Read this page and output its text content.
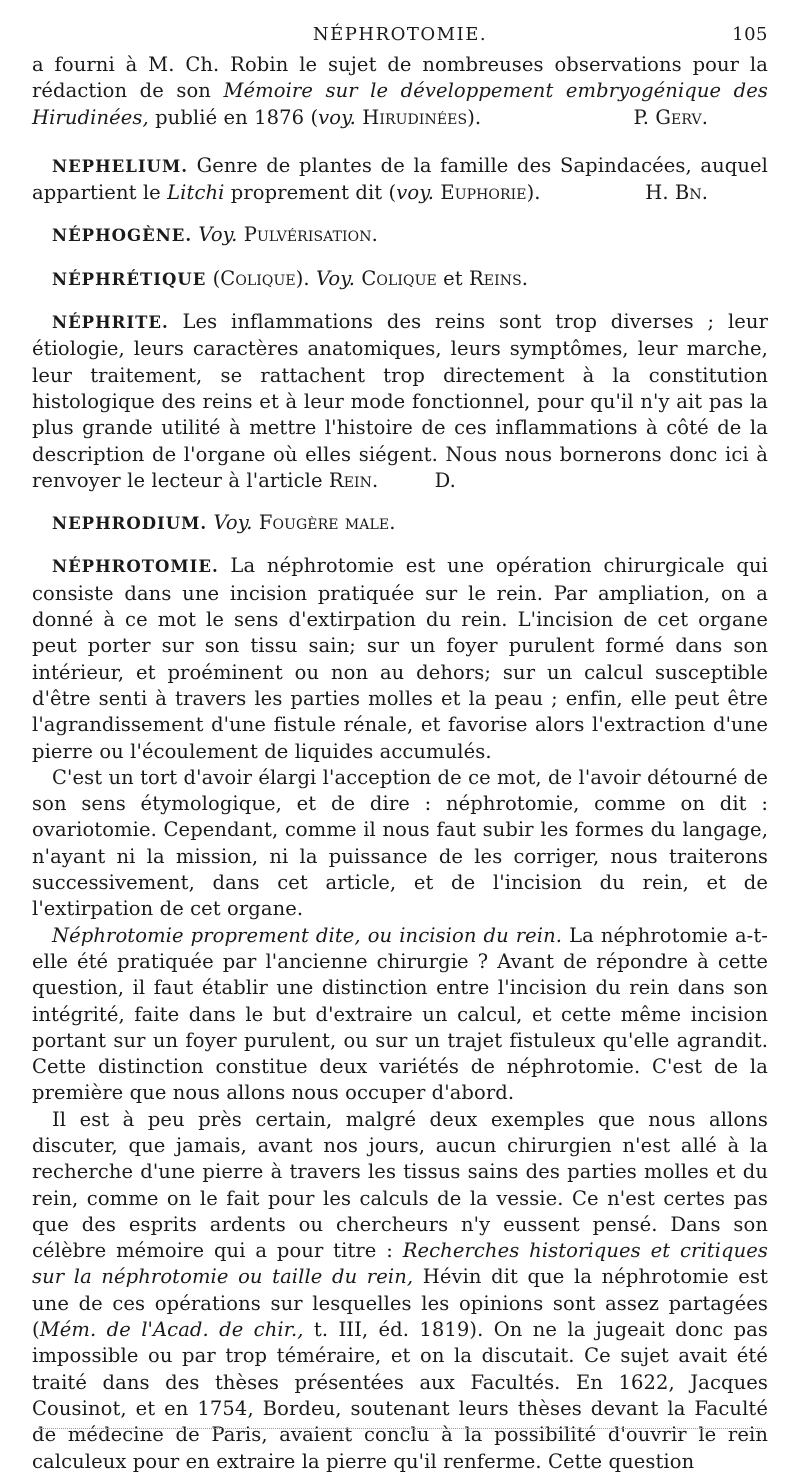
NÉPHROTOMIE.	105

a fourni à M. Ch. Robin le sujet de nombreuses observations pour la rédaction de son Mémoire sur le développement embryogénique des Hirudinées, publié en 1876 (voy. Hirudinées).	P. Gerv.

NEPHELIUM. Genre de plantes de la famille des Sapindacées, auquel appartient le Litchi proprement dit (voy. Euphorie).	H. Bn.

NÉPHOGÈNE. Voy. Pulvérisation.

NÉPHRÉTIQUE (Colique). Voy. Colique et Reins.

NÉPHRITE. Les inflammations des reins sont trop diverses ; leur étiologie, leurs caractères anatomiques, leurs symptômes, leur marche, leur traitement, se rattachent trop directement à la constitution histologique des reins et à leur mode fonctionnel, pour qu'il n'y ait pas la plus grande utilité à mettre l'histoire de ces inflammations à côté de la description de l'organe où elles siégent. Nous nous bornerons donc ici à renvoyer le lecteur à l'article Rein.	D.

NEPHRODIUM. Voy. Fougère male.

NÉPHROTOMIE. La néphrotomie est une opération chirurgicale qui consiste dans une incision pratiquée sur le rein. Par ampliation, on a donné à ce mot le sens d'extirpation du rein. L'incision de cet organe peut porter sur son tissu sain; sur un foyer purulent formé dans son intérieur, et proéminent ou non au dehors; sur un calcul susceptible d'être senti à travers les parties molles et la peau ; enfin, elle peut être l'agrandissement d'une fistule rénale, et favorise alors l'extraction d'une pierre ou l'écoulement de liquides accumulés.

C'est un tort d'avoir élargi l'acception de ce mot, de l'avoir détourné de son sens étymologique, et de dire : néphrotomie, comme on dit : ovariotomie. Cependant, comme il nous faut subir les formes du langage, n'ayant ni la mission, ni la puissance de les corriger, nous traiterons successivement, dans cet article, et de l'incision du rein, et de l'extirpation de cet organe.

Néphrotomie proprement dite, ou incision du rein. La néphrotomie a-t-elle été pratiquée par l'ancienne chirurgie ? Avant de répondre à cette question, il faut établir une distinction entre l'incision du rein dans son intégrité, faite dans le but d'extraire un calcul, et cette même incision portant sur un foyer purulent, ou sur un trajet fistuleux qu'elle agrandit. Cette distinction constitue deux variétés de néphrotomie. C'est de la première que nous allons nous occuper d'abord.

Il est à peu près certain, malgré deux exemples que nous allons discuter, que jamais, avant nos jours, aucun chirurgien n'est allé à la recherche d'une pierre à travers les tissus sains des parties molles et du rein, comme on le fait pour les calculs de la vessie. Ce n'est certes pas que des esprits ardents ou chercheurs n'y eussent pensé. Dans son célèbre mémoire qui a pour titre : Recherches historiques et critiques sur la néphrotomie ou taille du rein, Hévin dit que la néphrotomie est une de ces opérations sur lesquelles les opinions sont assez partagées (Mém. de l'Acad. de chir., t. III, éd. 1819). On ne la jugeait donc pas impossible ou par trop téméraire, et on la discutait. Ce sujet avait été traité dans des thèses présentées aux Facultés. En 1622, Jacques Cousinot, et en 1754, Bordeu, soutenant leurs thèses devant la Faculté de médecine de Paris, avaient conclu à la possibilité d'ouvrir le rein calculeux pour en extraire la pierre qu'il renferme. Cette question
